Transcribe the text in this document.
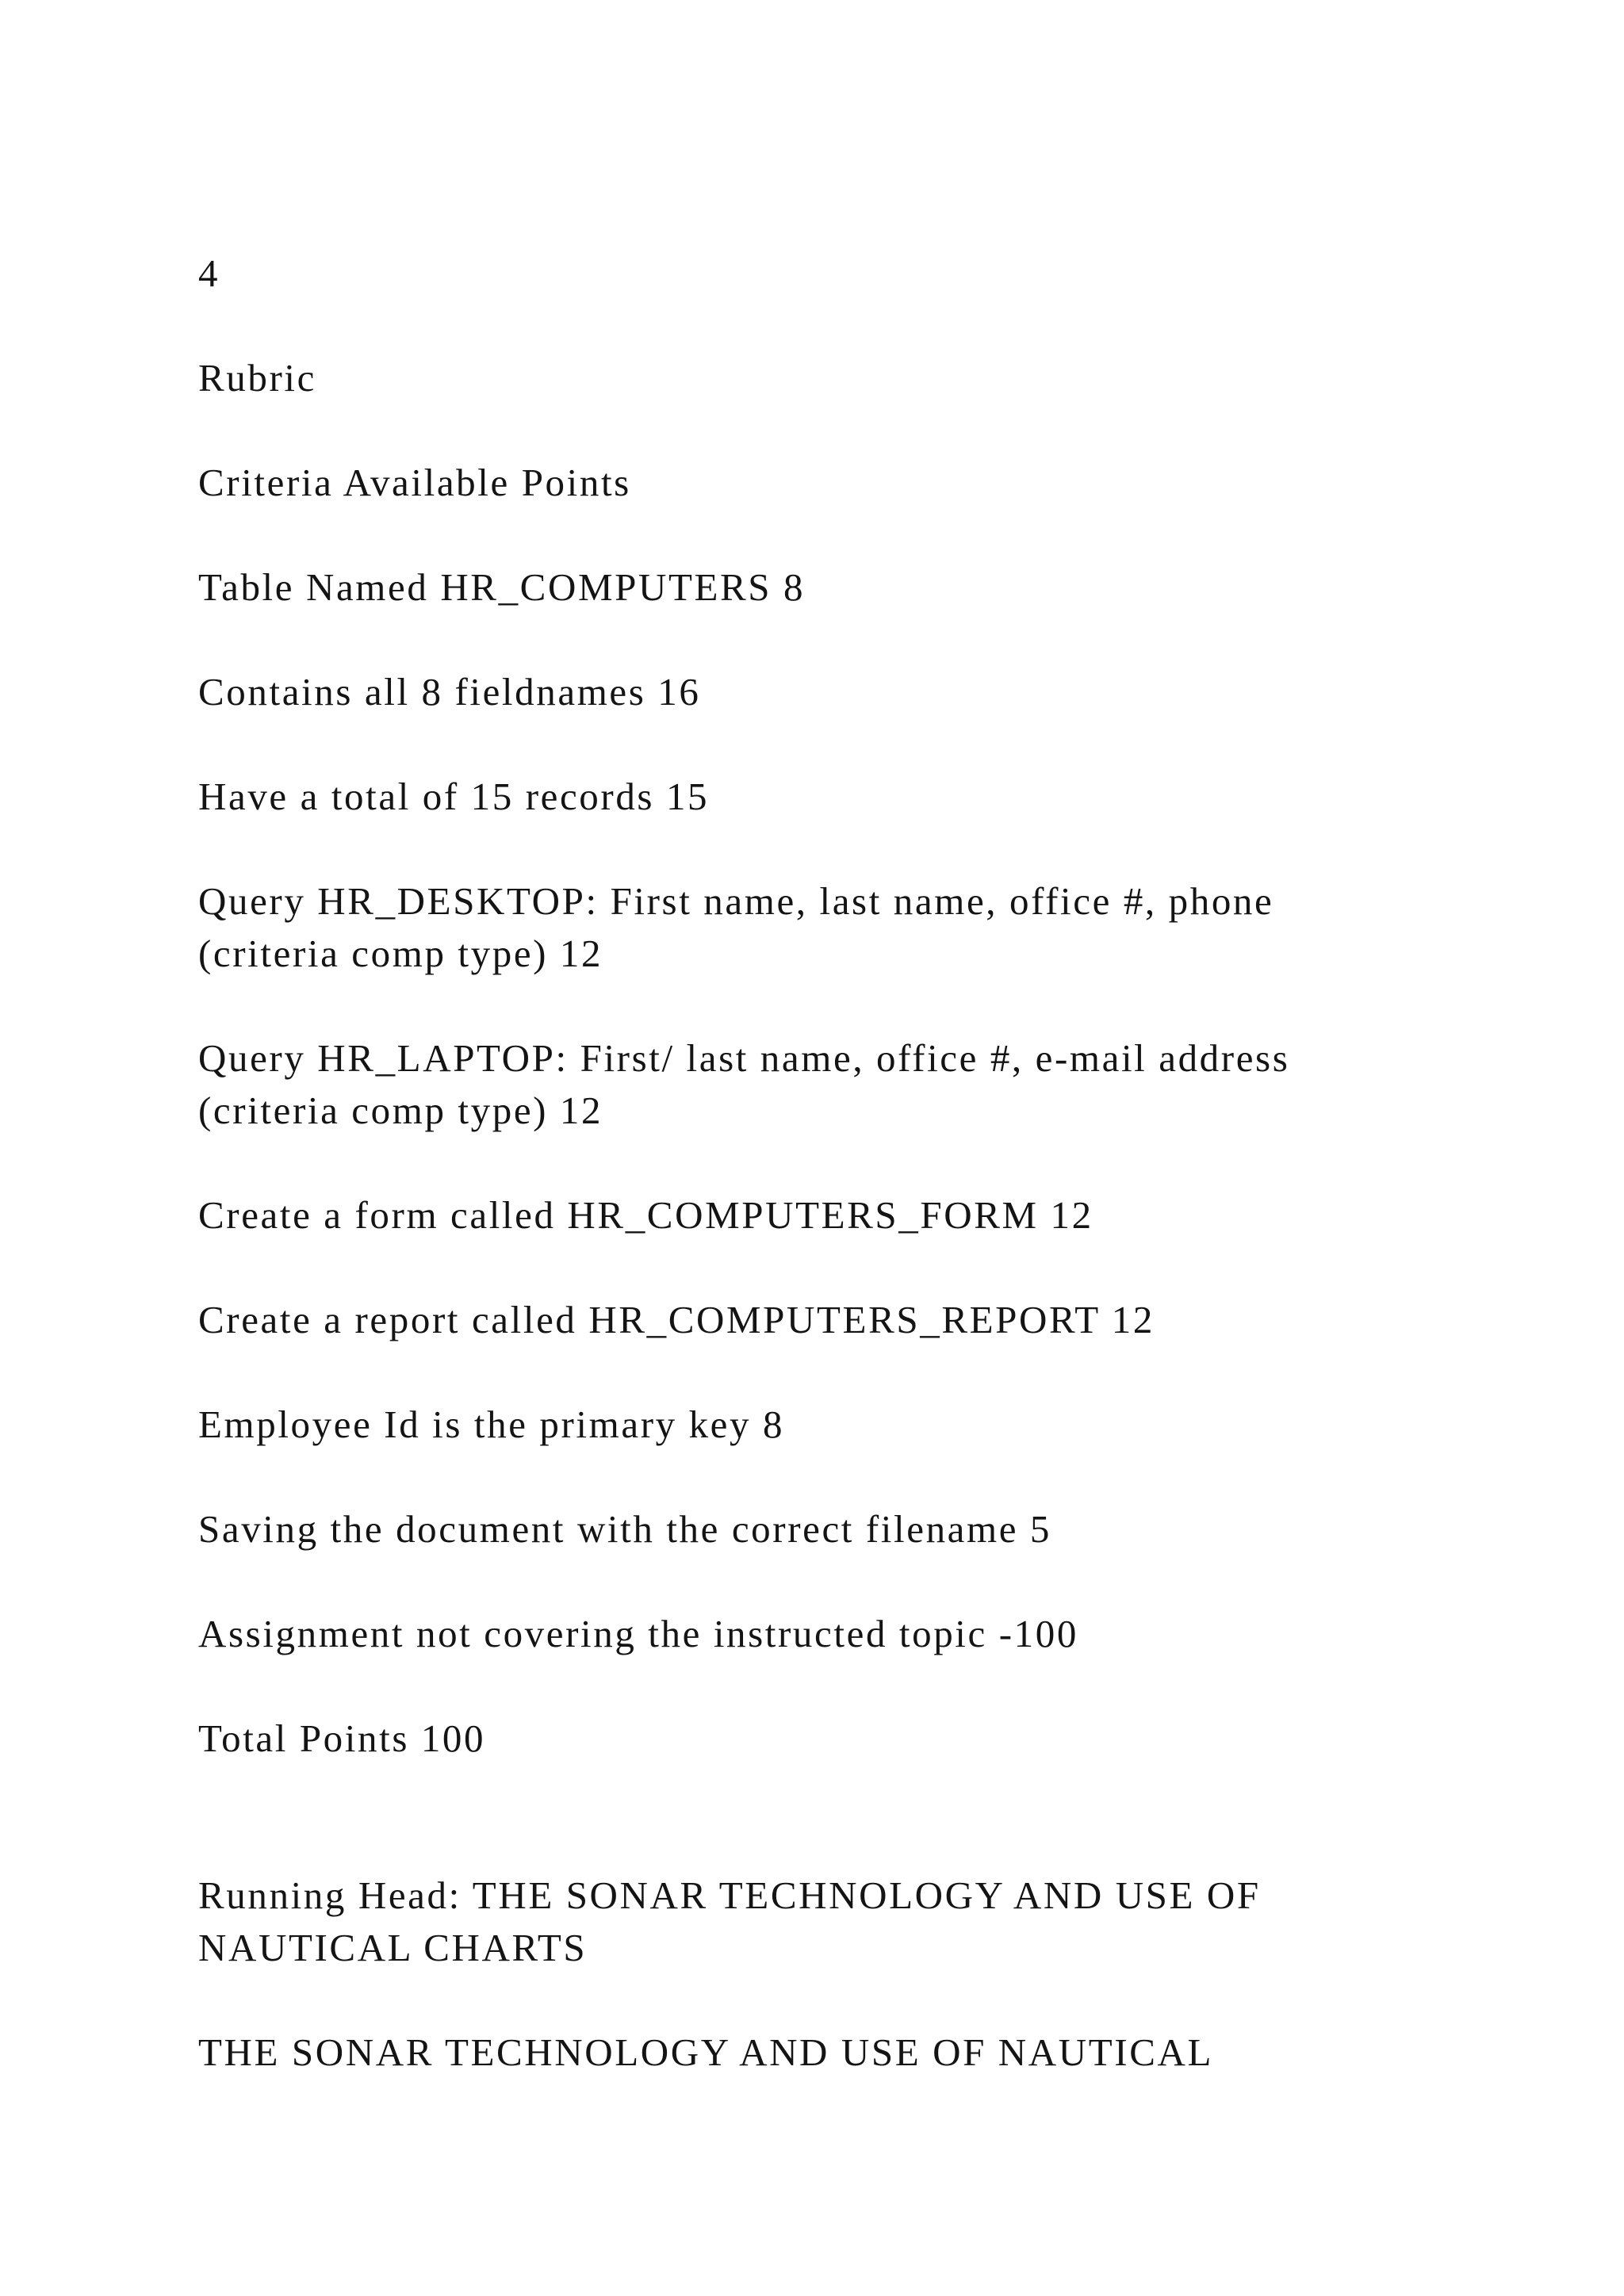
4

Rubric

Criteria Available Points

Table Named HR_COMPUTERS 8

Contains all 8 fieldnames 16

Have a total of 15 records 15

Query HR_DESKTOP: First name, last name, office #, phone
(criteria comp type) 12
Query HR_LAPTOP: First/ last name, office #, e-mail address
(criteria comp type) 12

Create a form called HR_COMPUTERS_FORM 12

Create a report called HR_COMPUTERS_REPORT 12

Employee Id is the primary key 8

Saving the document with the correct filename 5

Assignment not covering the instructed topic -100

Total Points 100

Running Head: THE SONAR TECHNOLOGY AND USE OF
NAUTICAL CHARTS

THE SONAR TECHNOLOGY AND USE OF NAUTICAL
